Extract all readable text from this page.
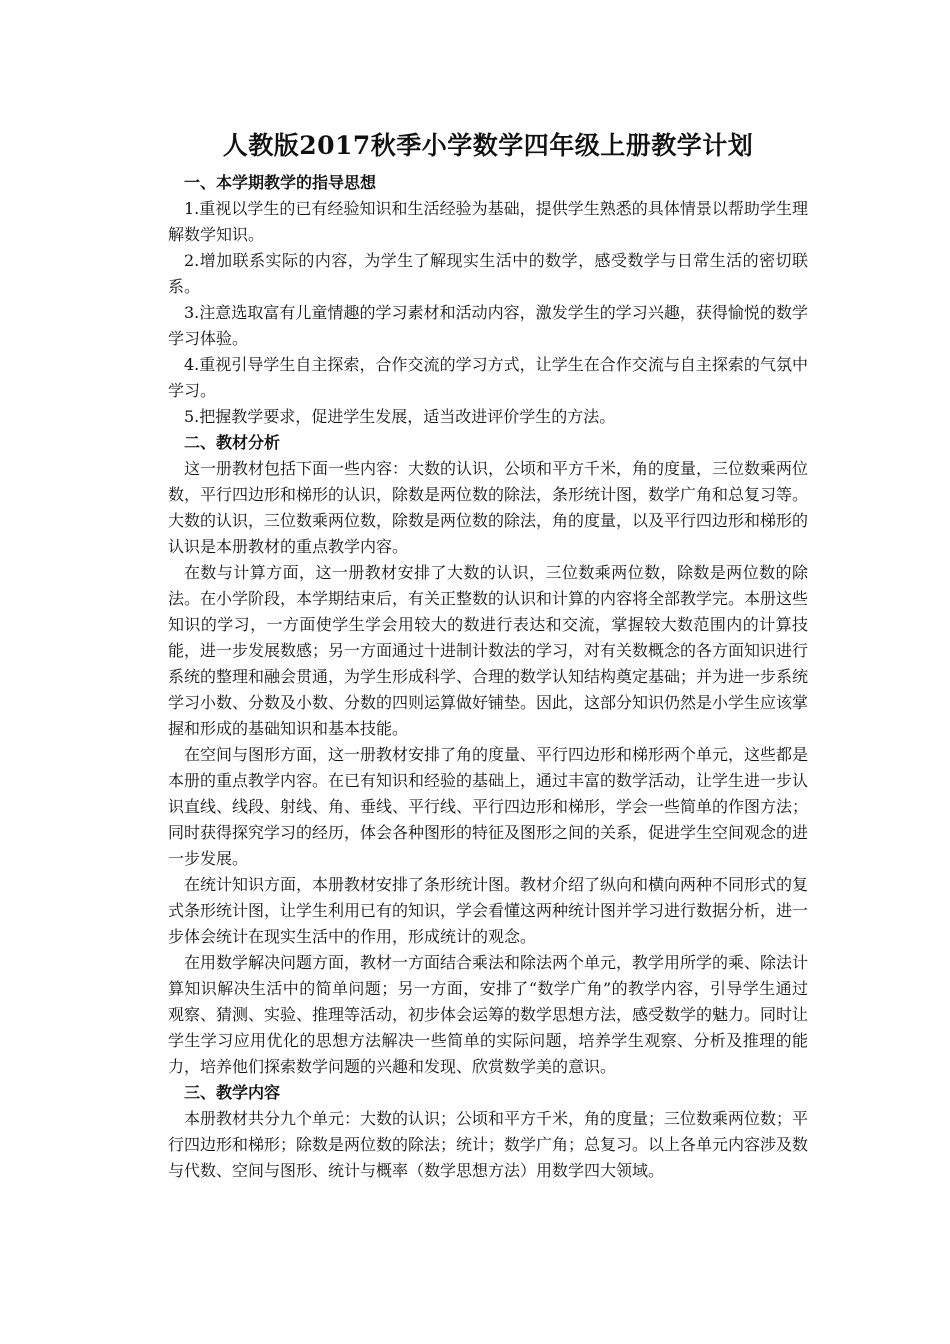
人教版2017秋季小学数学四年级上册教学计划

一、本学期教学的指导思想

1.重视以学生的已有经验知识和生活经验为基础，提供学生熟悉的具体情景以帮助学生理解数学知识。

2.增加联系实际的内容，为学生了解现实生活中的数学，感受数学与日常生活的密切联系。

3.注意选取富有儿童情趣的学习素材和活动内容，激发学生的学习兴趣，获得愉悦的数学学习体验。

4.重视引导学生自主探索，合作交流的学习方式，让学生在合作交流与自主探索的气氛中学习。

5.把握教学要求，促进学生发展，适当改进评价学生的方法。

二、教材分析

这一册教材包括下面一些内容：大数的认识，公顷和平方千米，角的度量，三位数乘两位数，平行四边形和梯形的认识，除数是两位数的除法，条形统计图，数学广角和总复习等。大数的认识，三位数乘两位数，除数是两位数的除法，角的度量，以及平行四边形和梯形的认识是本册教材的重点教学内容。

在数与计算方面，这一册教材安排了大数的认识，三位数乘两位数，除数是两位数的除法。在小学阶段，本学期结束后，有关正整数的认识和计算的内容将全部教学完。本册这些知识的学习，一方面使学生学会用较大的数进行表达和交流，掌握较大数范围内的计算技能，进一步发展数感；另一方面通过十进制计数法的学习，对有关数概念的各方面知识进行系统的整理和融会贯通，为学生形成科学、合理的数学认知结构奠定基础；并为进一步系统学习小数、分数及小数、分数的四则运算做好铺垫。因此，这部分知识仍然是小学生应该掌握和形成的基础知识和基本技能。

在空间与图形方面，这一册教材安排了角的度量、平行四边形和梯形两个单元，这些都是本册的重点教学内容。在已有知识和经验的基础上，通过丰富的数学活动，让学生进一步认识直线、线段、射线、角、垂线、平行线、平行四边形和梯形，学会一些简单的作图方法；同时获得探究学习的经历，体会各种图形的特征及图形之间的关系，促进学生空间观念的进一步发展。

在统计知识方面，本册教材安排了条形统计图。教材介绍了纵向和横向两种不同形式的复式条形统计图，让学生利用已有的知识，学会看懂这两种统计图并学习进行数据分析，进一步体会统计在现实生活中的作用，形成统计的观念。

在用数学解决问题方面，教材一方面结合乘法和除法两个单元，教学用所学的乘、除法计算知识解决生活中的简单问题；另一方面，安排了“数学广角”的教学内容，引导学生通过观察、猜测、实验、推理等活动，初步体会运筹的数学思想方法，感受数学的魅力。同时让学生学习应用优化的思想方法解决一些简单的实际问题，培养学生观察、分析及推理的能力，培养他们探索数学问题的兴趣和发现、欣赏数学美的意识。

三、教学内容

本册教材共分九个单元：大数的认识；公顷和平方千米，角的度量；三位数乘两位数；平行四边形和梯形；除数是两位数的除法；统计；数学广角；总复习。以上各单元内容涉及数与代数、空间与图形、统计与概率（数学思想方法）用数学四大领域。
